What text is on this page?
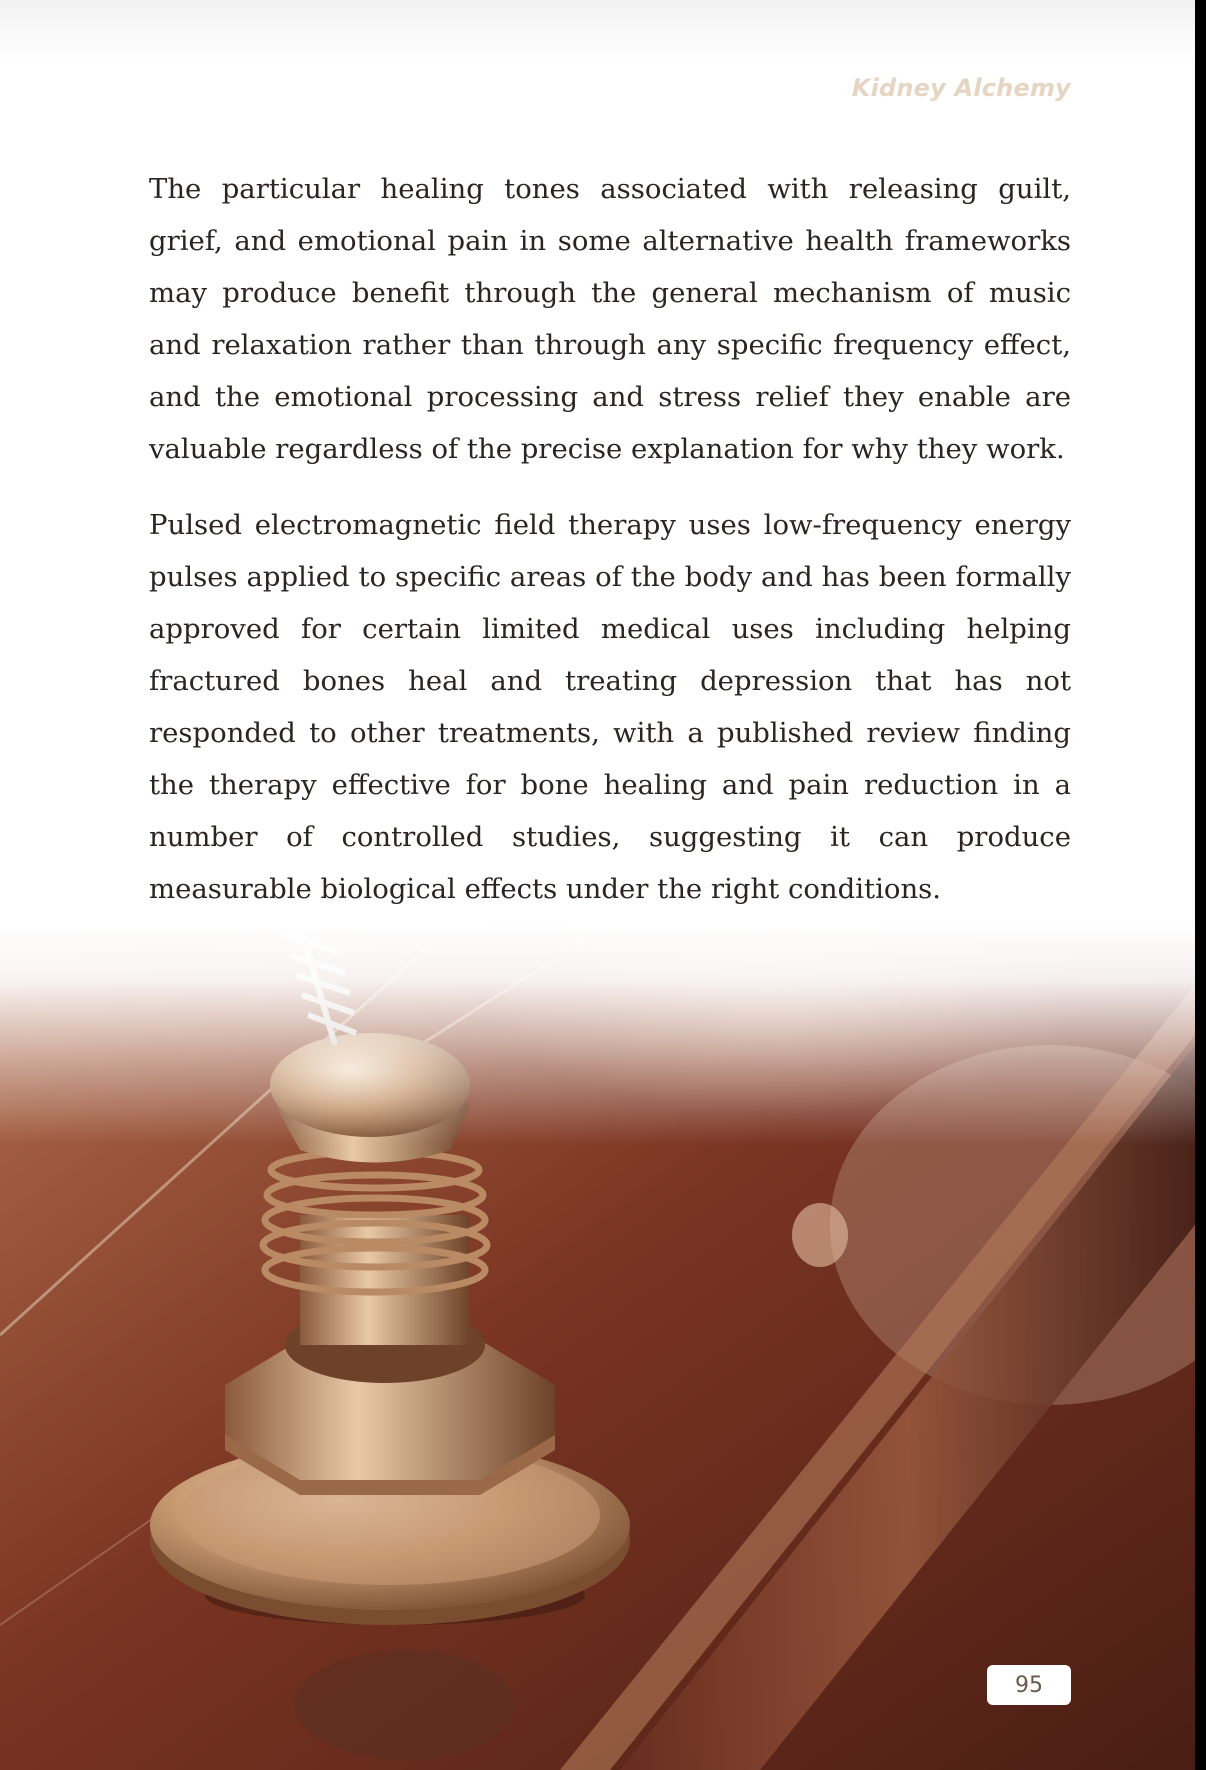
Kidney Alchemy

The particular healing tones associated with releasing guilt, grief, and emotional pain in some alternative health frameworks may produce benefit through the general mechanism of music and relaxation rather than through any specific frequency effect, and the emotional processing and stress relief they enable are valuable regardless of the precise explanation for why they work.

Pulsed electromagnetic field therapy uses low-frequency energy pulses applied to specific areas of the body and has been formally approved for certain limited medical uses including helping fractured bones heal and treating depression that has not responded to other treatments, with a published review finding the therapy effective for bone healing and pain reduction in a number of controlled studies, suggesting it can produce measurable biological effects under the right conditions.

95
